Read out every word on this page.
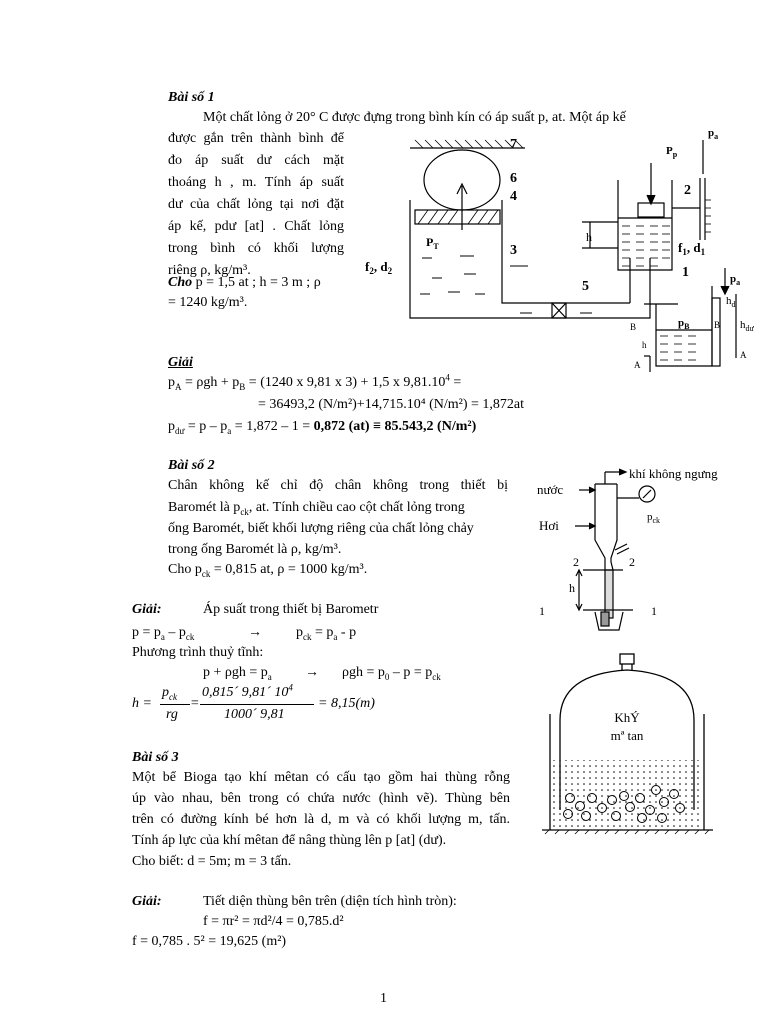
Bài số 1
Một chất lỏng ở 20° C được đựng trong bình kín có áp suất p, at. Một áp kế
được gắn trên thành bình để
đo áp suất dư cách mặt
thoáng h , m. Tính áp suất
dư của chất lỏng tại nơi đặt
áp kế, pdư [at] . Chất lỏng
trong bình có khối lượng
riêng ρ, kg/m³.
Cho p = 1,5 at ; h = 3 m ; ρ
= 1240 kg/m³.
Giải
$p_A = \rho gh + p_B = (1240$ x 9,81 x 3) + 1,5 x $9,81.10^4$ =
= 36493,2 (N/m²)+14,715.10⁴ (N/m²) = 1,872at
$p_{dư} = p - p_a = 1,872 - 1 = 0,872$ (at) ≡ 85.543,2 (N/m²)
7
6
4
3
5
2
1
$p_a$
$P_p$
$P_T$
h
$f_1$, $d_1$
$f_2$, $d_2$
$p_a$
$p_B$
$h_d$
$h_{dư}$
B	B
A
A
h
Bài số 2
Chân không kế chỉ độ chân không trong thiết bị
Baromét là $p_{ck}$, at. Tính chiều cao cột chất lỏng trong
ống Baromét, biết khối lượng riêng của chất lỏng chảy
trong ống Baromét là ρ, kg/m³.
Cho $p_{ck} = 0,815$ at, ρ = 1000 kg/m³.
Giải:	Áp suất trong thiết bị Barometr
$p = p_a - p_{ck}$	→ $p_{ck} = p_a - p$
Phương trình thuỷ tĩnh:
$p + \rho gh = p_a \to \rho gh = p_0 - p = p_{ck}$
h =
$p_{ck}$
rg
=
0,815´ 9,81´ $10^4$
1000´ 9,81
= 8,15(m)
nước
khí không ngưng
Hơi
$p_{ck}$
2	2
h
1	1
Bài số 3
Một bể Bioga tạo khí mêtan có cấu tạo gồm hai thùng rỗng
úp vào nhau, bên trong có chứa nước (hình vẽ). Thùng bên
trên có đường kính bé hơn là d, m và có khối lượng m, tấn.
Tính áp lực của khí mêtan để nâng thùng lên p [at] (dư).
Cho biết: d = 5m; m = 3 tấn.
Giải:	Tiết diện thùng bên trên (diện tích hình tròn):
f = πr² = πd²/4 = 0,785.d²
f = 0,785 . 5² = 19,625 (m²)
KhÝ
mª tan
1
